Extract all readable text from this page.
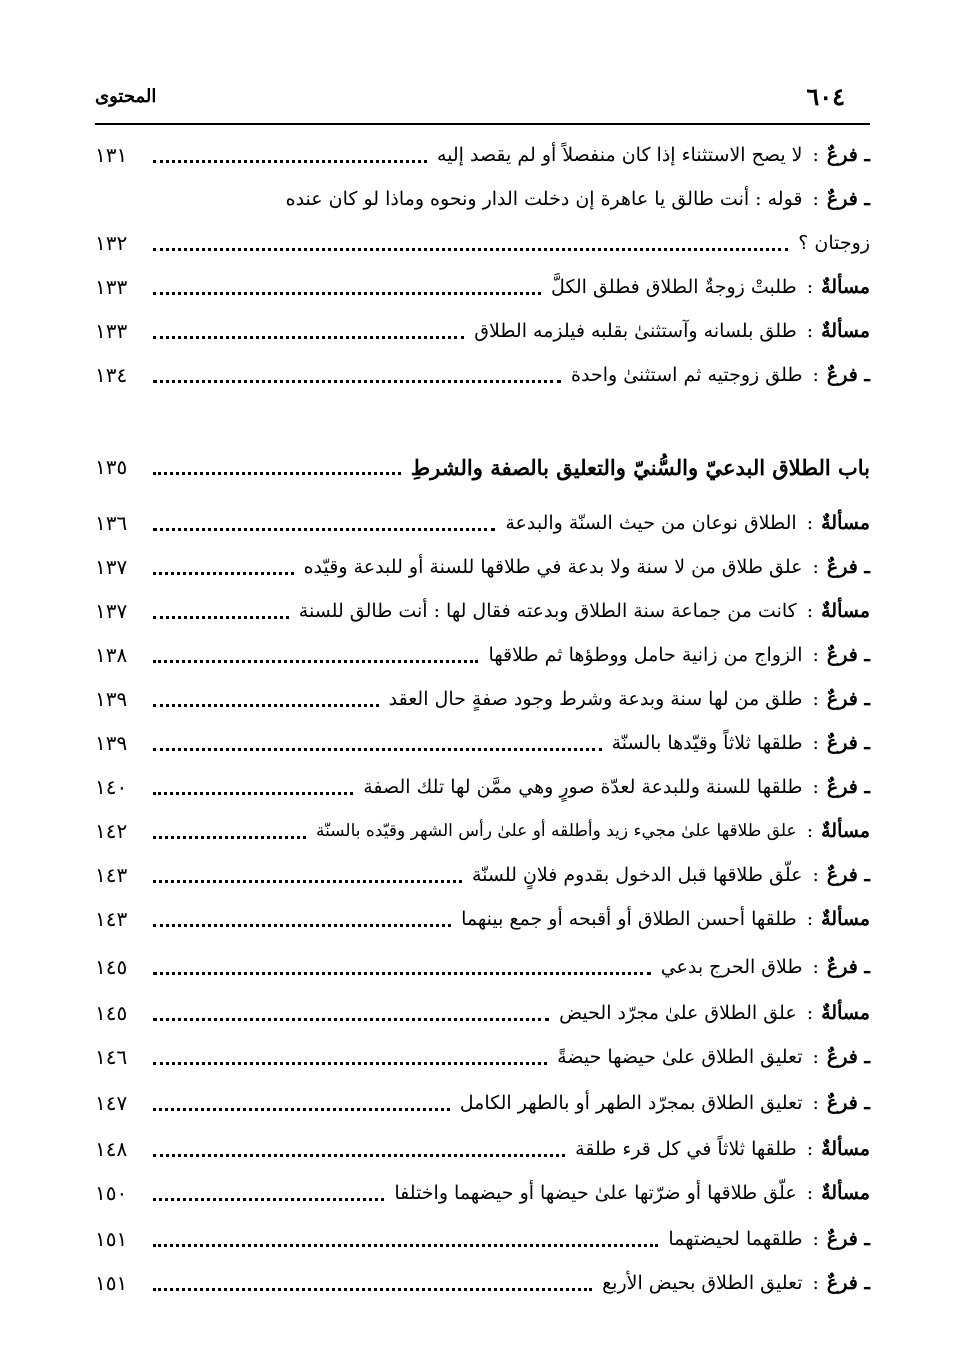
٦٠٤
المحتوى
ـ فرعٌ
:
لا يصح الاستثناء إذا كان منفصلاً أو لم يقصد إليه
١٣١
ـ فرعٌ
:
قوله : أنت طالق يا عاهرة إن دخلت الدار ونحوه وماذا لو كان عنده
زوجتان ؟
١٣٢
مسألةٌ
:
طلبتْ زوجةٌ الطلاق فطلق الكلَّ
١٣٣
مسألةٌ
:
طلق بلسانه وآستثنىٰ بقلبه فيلزمه الطلاق
١٣٣
ـ فرعٌ
:
طلق زوجتيه ثم استثنىٰ واحدة
١٣٤
باب الطلاق البدعيّ والسُّنيّ والتعليق بالصفة والشرطِ
١٣٥
مسألةٌ
:
الطلاق نوعان من حيث السنّة والبدعة
١٣٦
ـ فرعٌ
:
علق طلاق من لا سنة ولا بدعة في طلاقها للسنة أو للبدعة وقيّده
١٣٧
مسألةٌ
:
كانت من جماعة سنة الطلاق وبدعته فقال لها : أنت طالق للسنة
١٣٧
ـ فرعٌ
:
الزواج من زانية حامل ووطؤها ثم طلاقها
١٣٨
ـ فرعٌ
:
طلق من لها سنة وبدعة وشرط وجود صفةٍ حال العقد
١٣٩
ـ فرعٌ
:
طلقها ثلاثاً وقيّدها بالسنّة
١٣٩
ـ فرعٌ
:
طلقها للسنة وللبدعة لعدّة صورٍ وهي ممَّن لها تلك الصفة
١٤٠
مسألةٌ
:
علق طلاقها علىٰ مجيء زيد وأطلقه أو علىٰ رأس الشهر وقيّده بالسنّة
١٤٢
ـ فرعٌ
:
علّق طلاقها قبل الدخول بقدوم فلانٍ للسنّة
١٤٣
مسألةٌ
:
طلقها أحسن الطلاق أو أقبحه أو جمع بينهما
١٤٣
ـ فرعٌ
:
طلاق الحرج بدعي
١٤٥
مسألةٌ
:
علق الطلاق علىٰ مجرّد الحيض
١٤٥
ـ فرعٌ
:
تعليق الطلاق علىٰ حيضها حيضةً
١٤٦
ـ فرعٌ
:
تعليق الطلاق بمجرّد الطهر أو بالطهر الكامل
١٤٧
مسألةٌ
:
طلقها ثلاثاً في كل قرء طلقة
١٤٨
مسألةٌ
:
علّق طلاقها أو ضرّتها علىٰ حيضها أو حيضهما واختلفا
١٥٠
ـ فرعٌ
:
طلقهما لحيضتهما
١٥١
ـ فرعٌ
:
تعليق الطلاق بحيض الأربع
١٥١
